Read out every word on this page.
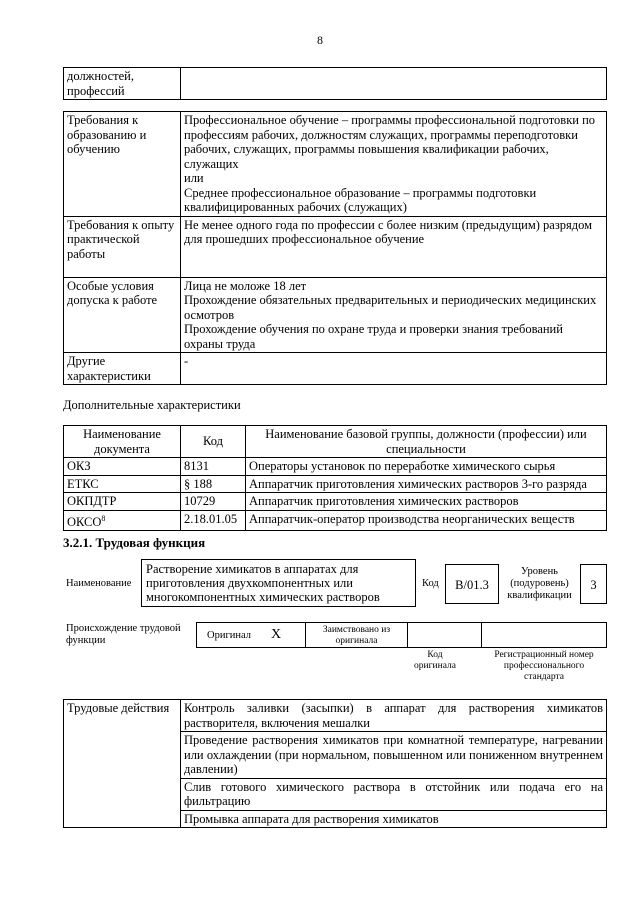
8
должностей, профессий	
Требования к образованию и обучению	Профессиональное обучение – программы профессиональной подготовки по профессиям рабочих, должностям служащих, программы переподготовки рабочих, служащих, программы повышения квалификации рабочих, служащих
или
Среднее профессиональное образование – программы подготовки квалифицированных рабочих (служащих)

Требования к опыту практической работы	Не менее одного года по профессии с более низким (предыдущим) разрядом для прошедших профессиональное обучение

Особые условия допуска к работе	Лица не моложе 18 лет
Прохождение обязательных предварительных и периодических медицинских осмотров
Прохождение обучения по охране труда и проверки знания требований охраны труда

Другие характеристики	-
Дополнительные характеристики
Наименование документа	Код	Наименование базовой группы, должности (профессии) или специальности
ОКЗ	8131	Операторы установок по переработке химического сырья
ЕТКС	§ 188	Аппаратчик приготовления химических растворов 3-го разряда
ОКПДТР	10729	Аппаратчик приготовления химических растворов
ОКСО$^8$	2.18.01.05	Аппаратчик-оператор производства неорганических веществ
3.2.1. Трудовая функция
Наименование
Растворение химикатов в аппаратах для приготовления двухкомпонентных или многокомпонентных химических растворов
Код	B/01.3
Уровень (подуровень) квалификации
3
Происхождение трудовой функции	Оригинал X	Заимствовано из оригинала
Код оригинала
Регистрационный номер профессионального стандарта
Трудовые действия	Контроль заливки (засыпки) в аппарат для растворения химикатов растворителя, включения мешалки
Проведение растворения химикатов при комнатной температуре, нагревании или охлаждении (при нормальном, повышенном или пониженном внутреннем давлении)
Слив готового химического раствора в отстойник или подача его на фильтрацию
Промывка аппарата для растворения химикатов
